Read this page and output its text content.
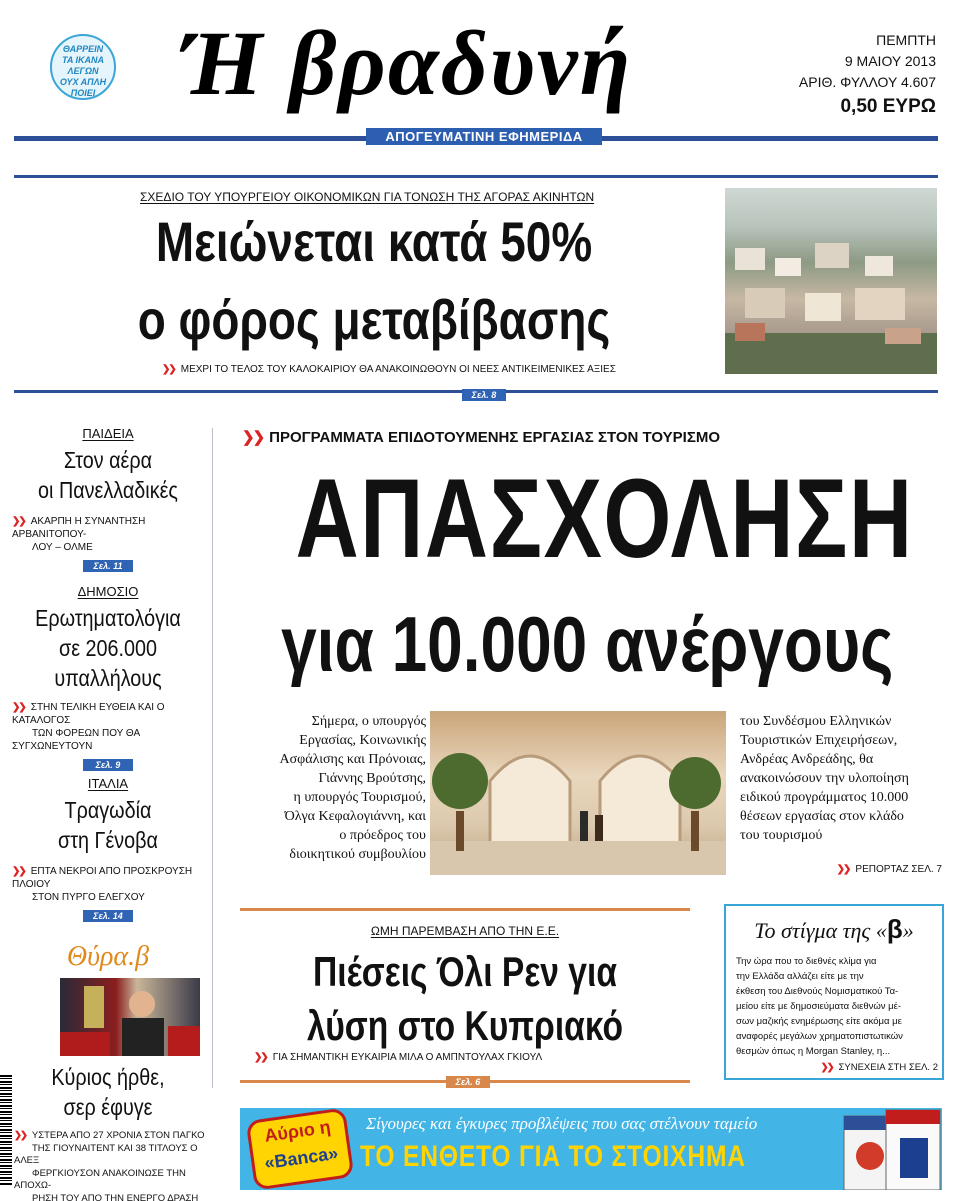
ΘΑΡΡΕΙΝ ΤΑ ΙΚΑΝΑ ΛΕΓΩΝ ΟΥΧ ΑΠΛΗ ΠΟΙΕΙ Ή βραδυνή
ΑΠΟΓΕΥΜΑΤΙΝΗ ΕΦΗΜΕΡΙΔΑ
ΠΕΜΠΤΗ
9 ΜΑΙΟΥ 2013
ΑΡΙΘ. ΦΥΛΛΟΥ 4.607
0,50 ΕΥΡΩ
ΣΧΕΔΙΟ ΤΟΥ ΥΠΟΥΡΓΕΙΟΥ ΟΙΚΟΝΟΜΙΚΩΝ ΓΙΑ ΤΟΝΩΣΗ ΤΗΣ ΑΓΟΡΑΣ ΑΚΙΝΗΤΩΝ
Μειώνεται κατά 50%
ο φόρος μεταβίβασης
❯❯ ΜΕΧΡΙ ΤΟ ΤΕΛΟΣ ΤΟΥ ΚΑΛΟΚΑΙΡΙΟΥ ΘΑ ΑΝΑΚΟΙΝΩΘΟΥΝ ΟΙ ΝΕΕΣ ΑΝΤΙΚΕΙΜΕΝΙΚΕΣ ΑΞΙΕΣ
Σελ. 8
ΠΑΙΔΕΙΑ
Στον αέρα
οι Πανελλαδικές
❯❯ ΑΚΑΡΠΗ Η ΣΥΝΑΝΤΗΣΗ ΑΡΒΑΝΙΤΟΠΟΥ-
ΛΟΥ – ΟΛΜΕ
Σελ. 11
ΔΗΜΟΣΙΟ
Ερωτηματολόγια
σε 206.000
υπαλλήλους
❯❯ ΣΤΗΝ ΤΕΛΙΚΗ ΕΥΘΕΙΑ ΚΑΙ Ο ΚΑΤΑΛΟΓΟΣ
ΤΩΝ ΦΟΡΕΩΝ ΠΟΥ ΘΑ ΣΥΓΧΩΝΕΥΤΟΥΝ
Σελ. 9
ΙΤΑΛΙΑ
Τραγωδία
στη Γένοβα
❯❯ ΕΠΤΑ ΝΕΚΡΟΙ ΑΠΟ ΠΡΟΣΚΡΟΥΣΗ ΠΛΟΙΟΥ
ΣΤΟΝ ΠΥΡΓΟ ΕΛΕΓΧΟΥ
Σελ. 14
Θύρα.β
Κύριος ήρθε,
σερ έφυγε
❯❯ ΥΣΤΕΡΑ ΑΠΟ 27 ΧΡΟΝΙΑ ΣΤΟΝ ΠΑΓΚΟ
ΤΗΣ ΓΙΟΥΝΑΙΤΕΝΤ ΚΑΙ 38 ΤΙΤΛΟΥΣ Ο ΑΛΕΞ
ΦΕΡΓΚΙΟΥΣΟΝ ΑΝΑΚΟΙΝΩΣΕ ΤΗΝ ΑΠΟΧΩ-
ΡΗΣΗ ΤΟΥ ΑΠΟ ΤΗΝ ΕΝΕΡΓΟ ΔΡΑΣΗ
❯❯ ΠΡΟΓΡΑΜΜΑΤΑ ΕΠΙΔΟΤΟΥΜΕΝΗΣ ΕΡΓΑΣΙΑΣ ΣΤΟΝ ΤΟΥΡΙΣΜΟ
ΑΠΑΣΧΟΛΗΣΗ
για 10.000 ανέργους
Σήμερα, ο υπουργός
Εργασίας, Κοινωνικής
Ασφάλισης και Πρόνοιας,
Γιάννης Βρούτσης,
η υπουργός Τουρισμού,
Όλγα Κεφαλογιάννη, και
ο πρόεδρος του
διοικητικού συμβουλίου
του Συνδέσμου Ελληνικών
Τουριστικών Επιχειρήσεων,
Ανδρέας Ανδρεάδης, θα
ανακοινώσουν την υλοποίηση
ειδικού προγράμματος 10.000
θέσεων εργασίας στον κλάδο
του τουρισμού
❯❯ ΡΕΠΟΡΤΑΖ ΣΕΛ. 7
ΩΜΗ ΠΑΡΕΜΒΑΣΗ ΑΠΟ ΤΗΝ Ε.Ε.
Πιέσεις Όλι Ρεν για
λύση στο Κυπριακό
❯❯ ΓΙΑ ΣΗΜΑΝΤΙΚΗ ΕΥΚΑΙΡΙΑ ΜΙΛΑ Ο ΑΜΠΝΤΟΥΛΑΧ ΓΚΙΟΥΛ
Σελ. 6
Το στίγμα της «β»
Την ώρα που το διεθνές κλίμα για
την Ελλάδα αλλάζει είτε με την
έκθεση του Διεθνούς Νομισματικού Τα-
μείου είτε με δημοσιεύματα διεθνών μέ-
σων μαζικής ενημέρωσης είτε ακόμα με
αναφορές μεγάλων χρηματοπιστωτικών
θεσμών όπως η Morgan Stanley, η...
❯❯ ΣΥΝΕΧΕΙΑ ΣΤΗ ΣΕΛ. 2
Αύριο η
«Banca»
Σίγουρες και έγκυρες προβλέψεις που σας στέλνουν ταμείο
ΤΟ ΕΝΘΕΤΟ ΓΙΑ ΤΟ ΣΤΟΙΧΗΜΑ
